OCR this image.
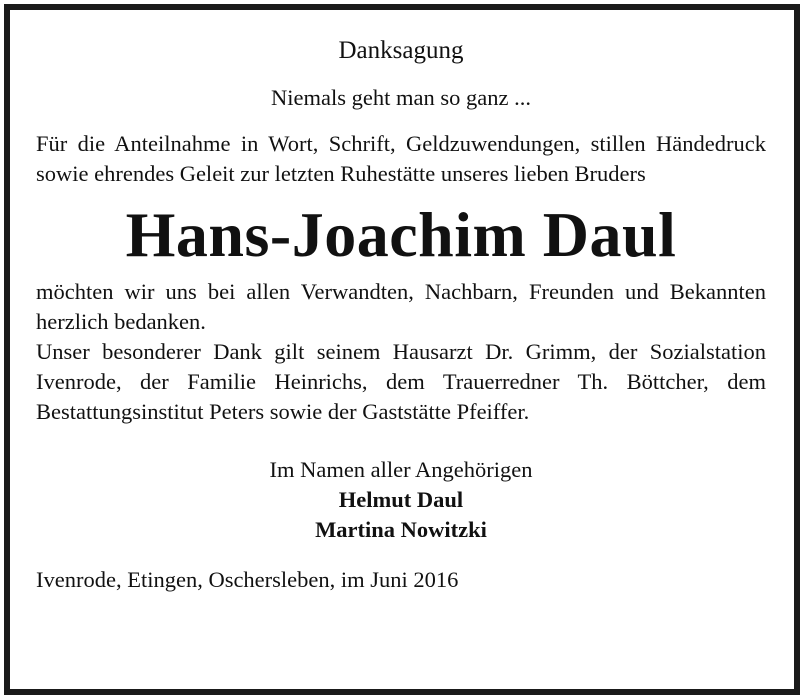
Danksagung
Niemals geht man so ganz ...
Für die Anteilnahme in Wort, Schrift, Geldzuwendungen, stillen Händedruck sowie ehrendes Geleit zur letzten Ruhestätte unseres lieben Bruders
Hans-Joachim Daul
möchten wir uns bei allen Verwandten, Nachbarn, Freunden und Bekannten herzlich bedanken.
Unser besonderer Dank gilt seinem Hausarzt Dr. Grimm, der Sozialstation Ivenrode, der Familie Heinrichs, dem Trauerredner Th. Böttcher, dem Bestattungsinstitut Peters sowie der Gaststätte Pfeiffer.
Im Namen aller Angehörigen
Helmut Daul
Martina Nowitzki
Ivenrode, Etingen, Oschersleben, im Juni 2016
